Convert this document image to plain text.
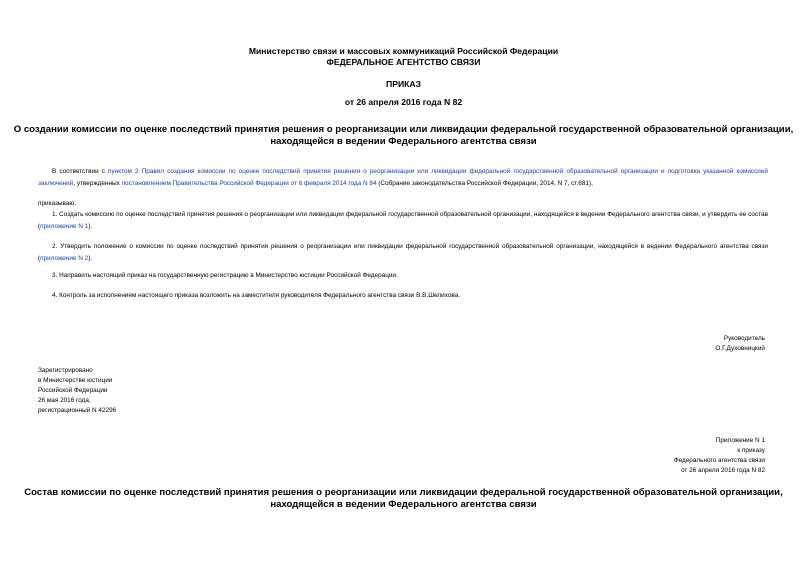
Министерство связи и массовых коммуникаций Российской Федерации
ФЕДЕРАЛЬНОЕ АГЕНТСТВО СВЯЗИ
ПРИКАЗ
от 26 апреля 2016 года N 82
О создании комиссии по оценке последствий принятия решения о реорганизации или ликвидации федеральной государственной образовательной организации,
находящейся в ведении Федерального агентства связи

В соответствии с пунктом 2 Правил создания комиссии по оценке последствий принятия решения о реорганизации или ликвидации федеральной государственной образовательной организации и подготовки указанной комиссией заключений, утвержденных постановлением Правительства Российской Федерации от 6 февраля 2014 года N 84 (Собрание законодательства Российской Федерации, 2014, N 7, ст.681),

приказываю:

1. Создать комиссию по оценке последствий принятия решения о реорганизации или ликвидации федеральной государственной образовательной организации, находящейся в ведении Федерального агентства связи, и утвердить ее состав (приложение N 1).

2. Утвердить положение о комиссии по оценке последствий принятия решения о реорганизации или ликвидации федеральной государственной образовательной организации, находящейся в ведении Федерального агентства связи (приложение N 2).

3. Направить настоящий приказ на государственную регистрацию в Министерство юстиции Российской Федерации.

4. Контроль за исполнением настоящего приказа возложить на заместителя руководителя Федерального агентства связи В.В.Шелихова.

Руководитель
О.Г.Духовницкий
Зарегистрировано
в Министерстве юстиции
Российской Федерации
26 мая 2016 года,
регистрационный N 42296
Приложение N 1
к приказу
Федерального агентства связи
от 26 апреля 2016 года N 82
Состав комиссии по оценке последствий принятия решения о реорганизации или ликвидации федеральной государственной образовательной организации,
находящейся в ведении Федерального агентства связи
